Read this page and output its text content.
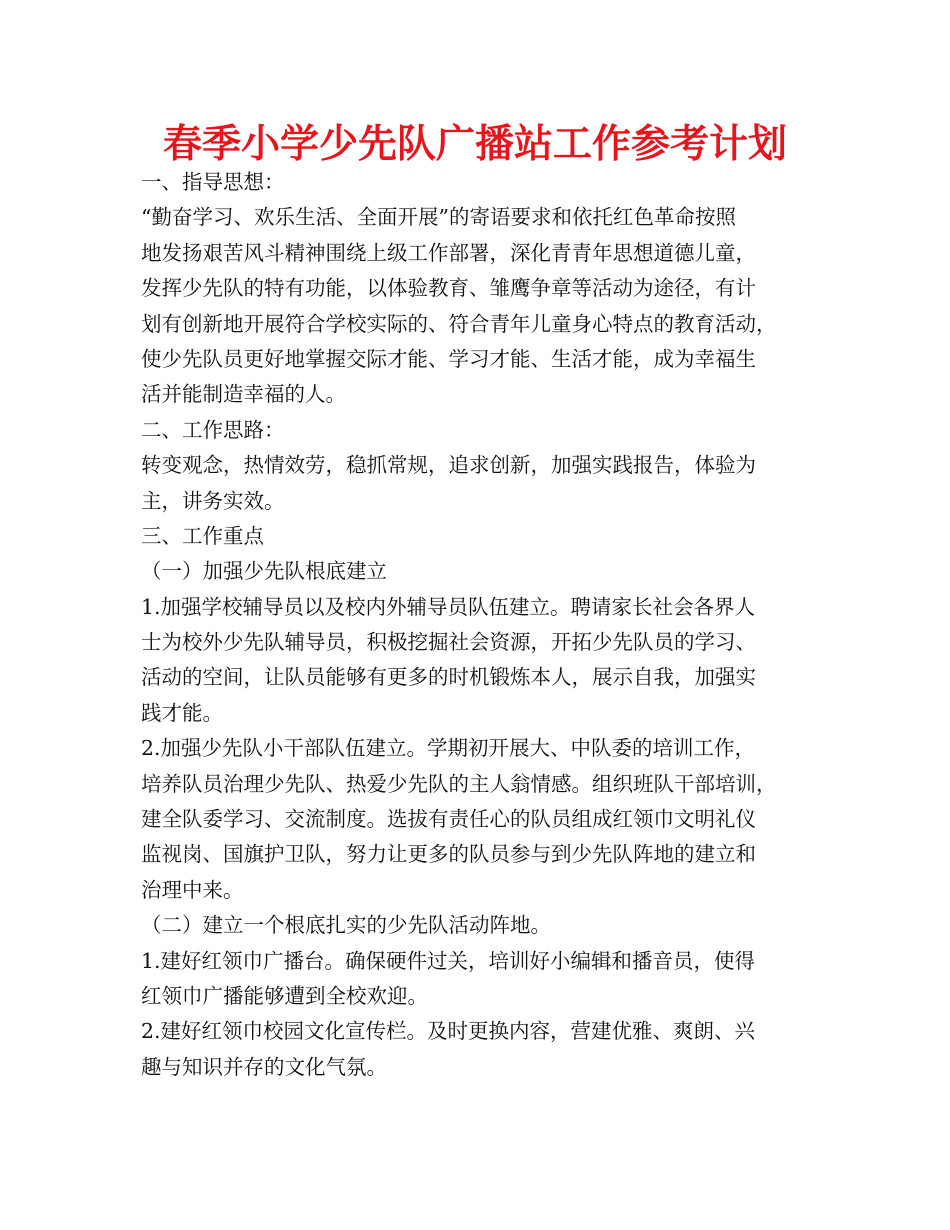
春季小学少先队广播站工作参考计划
一、指导思想：
“勤奋学习、欢乐生活、全面开展”的寄语要求和依托红色革命按照
地发扬艰苦风斗精神围绕上级工作部署，深化青青年思想道德儿童，
发挥少先队的特有功能，以体验教育、雏鹰争章等活动为途径，有计
划有创新地开展符合学校实际的、符合青年儿童身心特点的教育活动，
使少先队员更好地掌握交际才能、学习才能、生活才能，成为幸福生
活并能制造幸福的人。
二、工作思路：
转变观念，热情效劳，稳抓常规，追求创新，加强实践报告，体验为
主，讲务实效。
三、工作重点
（一）加强少先队根底建立
1.加强学校辅导员以及校内外辅导员队伍建立。聘请家长社会各界人
士为校外少先队辅导员，积极挖掘社会资源，开拓少先队员的学习、
活动的空间，让队员能够有更多的时机锻炼本人，展示自我，加强实
践才能。
2.加强少先队小干部队伍建立。学期初开展大、中队委的培训工作，
培养队员治理少先队、热爱少先队的主人翁情感。组织班队干部培训，
建全队委学习、交流制度。选拔有责任心的队员组成红领巾文明礼仪
监视岗、国旗护卫队，努力让更多的队员参与到少先队阵地的建立和
治理中来。
（二）建立一个根底扎实的少先队活动阵地。
1.建好红领巾广播台。确保硬件过关，培训好小编辑和播音员，使得
红领巾广播能够遭到全校欢迎。
2.建好红领巾校园文化宣传栏。及时更换内容，营建优雅、爽朗、兴
趣与知识并存的文化气氛。
